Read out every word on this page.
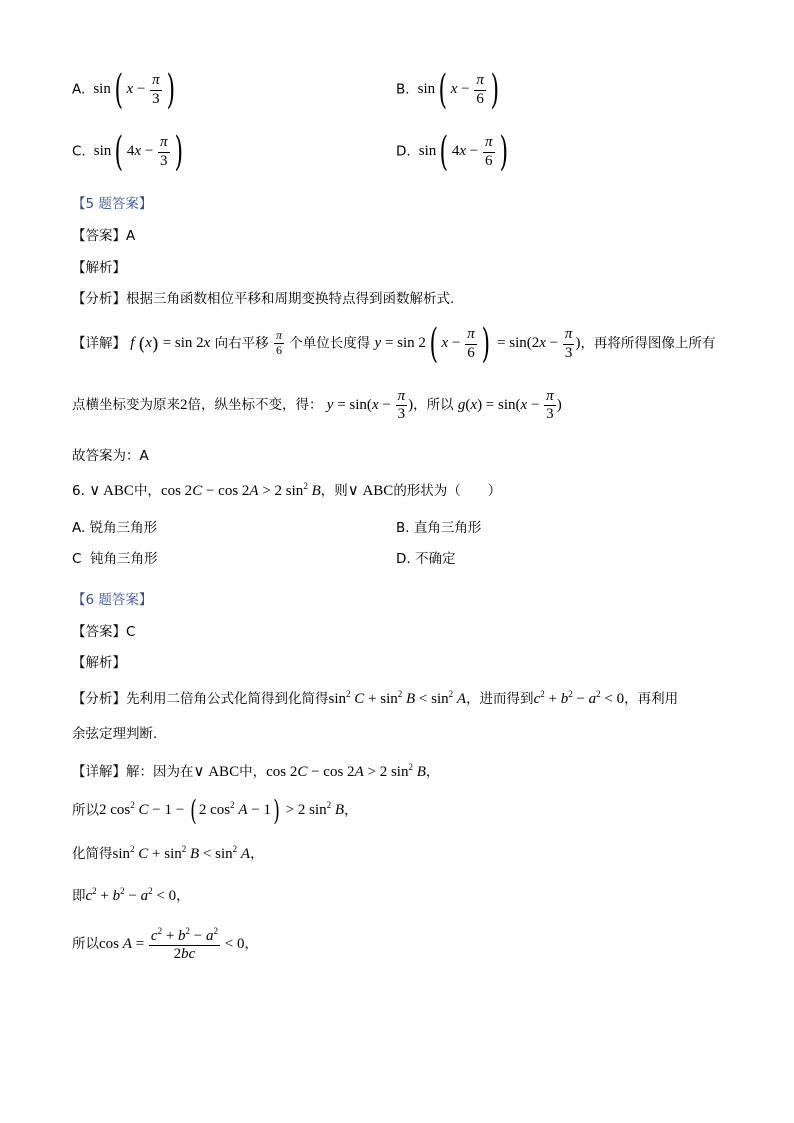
A.  sin( $x - \frac{\pi}{3}$ )	B.  sin( $x - \frac{\pi}{6}$ )
C.  sin( $4x - \frac{\pi}{3}$ )	D.  sin( $4x - \frac{\pi}{6}$ )
【5 题答案】
【答案】A
【解析】
【分析】根据三角函数相位平移和周期变换特点得到函数解析式.
【详解】 f (x) = sin 2x 向右平移 $\frac{\pi}{6}$ 个单位长度得 y = sin 2( $x - \frac{\pi}{6}$ ) = $\sin(2x - \frac{\pi}{3}$ )，再将所得图像上所有
点横坐标变为原来2倍，纵坐标不变，得： $y = \sin(x - \frac{\pi}{3}$ )，所以 $g(x) = \sin(x - \frac{\pi}{3}$ )
故答案为：A
6. ∨ ABC中，cos 2C − cos 2A > 2 $\sin^2 B$，则∨ ABC的形状为（　　）
A. 锐角三角形	B. 直角三角形
C 钝角三角形	D. 不确定
【6 题答案】
【答案】C
【解析】
【分析】先利用二倍角公式化简得到化简得$\sin^2 C + \sin^2 B < \sin^2 A$，进而得到$c^2 + b^2 - a^2 < 0$，再利用
余弦定理判断.
【详解】解：因为在∨ ABC中，cos 2C − cos 2A > 2 $\sin^2 B$，
所以2 $\cos^2 C - 1$ − ( 2 $\cos^2 A - 1) > 2$ $\sin^2 B$，
化简得$\sin^2 C + \sin^2 B < \sin^2 A$，
即$c^2 + b^2 - a^2 < 0$，
所以$\cos A = \frac{c^2 + b^2 - a^2}{2bc} < 0$，
